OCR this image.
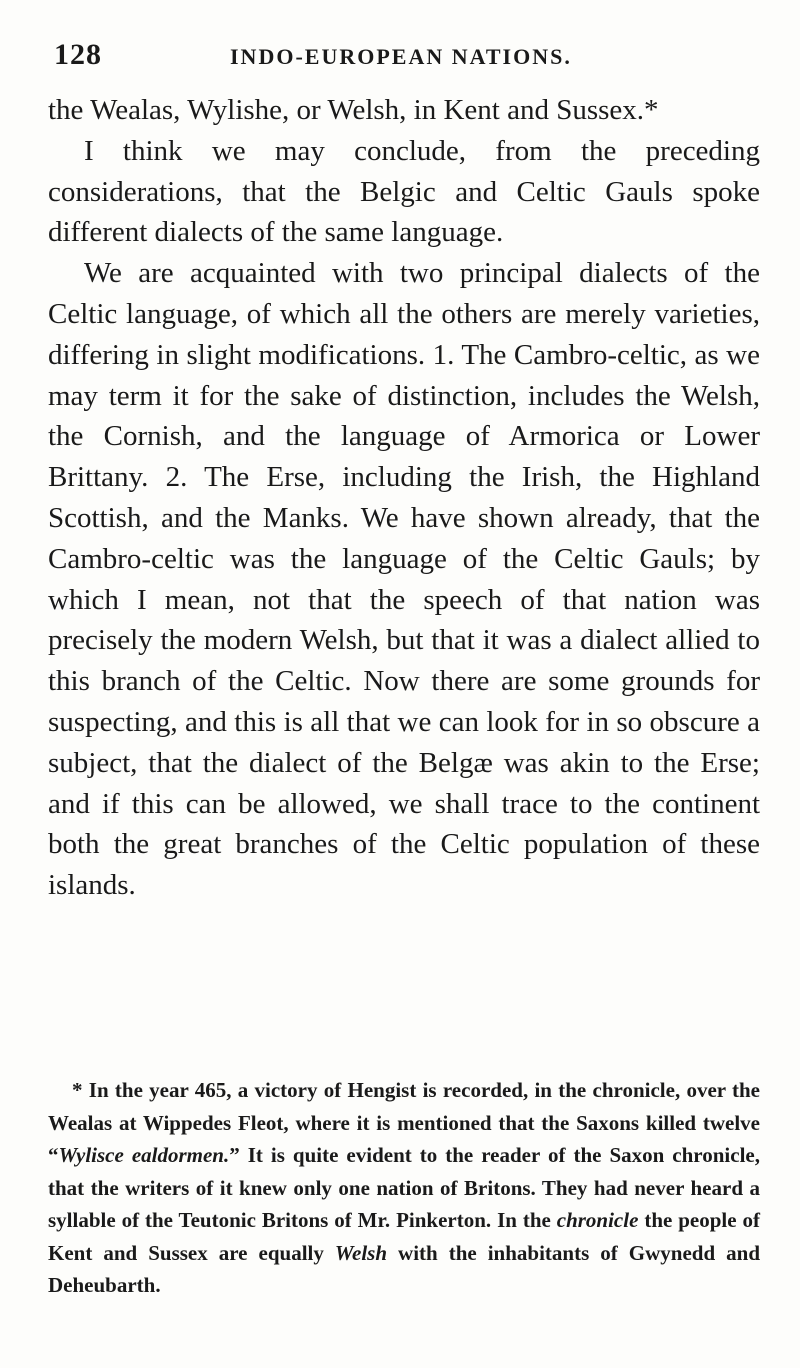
128	INDO-EUROPEAN NATIONS.

the Wealas, Wylishe, or Welsh, in Kent and Sussex.*

I think we may conclude, from the preceding considerations, that the Belgic and Celtic Gauls spoke different dialects of the same language.

We are acquainted with two principal dialects of the Celtic language, of which all the others are merely varieties, differing in slight modifications. 1. The Cambro-celtic, as we may term it for the sake of distinction, includes the Welsh, the Cornish, and the language of Armorica or Lower Brittany. 2. The Erse, including the Irish, the Highland Scottish, and the Manks. We have shown already, that the Cambro-celtic was the language of the Celtic Gauls; by which I mean, not that the speech of that nation was precisely the modern Welsh, but that it was a dialect allied to this branch of the Celtic. Now there are some grounds for suspecting, and this is all that we can look for in so obscure a subject, that the dialect of the Belgæ was akin to the Erse; and if this can be allowed, we shall trace to the continent both the great branches of the Celtic population of these islands.

* In the year 465, a victory of Hengist is recorded, in the chronicle, over the Wealas at Wippedes Fleot, where it is mentioned that the Saxons killed twelve “Wylisce ealdormen.” It is quite evident to the reader of the Saxon chronicle, that the writers of it knew only one nation of Britons. They had never heard a syllable of the Teutonic Britons of Mr. Pinkerton. In the chronicle the people of Kent and Sussex are equally Welsh with the inhabitants of Gwynedd and Deheubarth.
